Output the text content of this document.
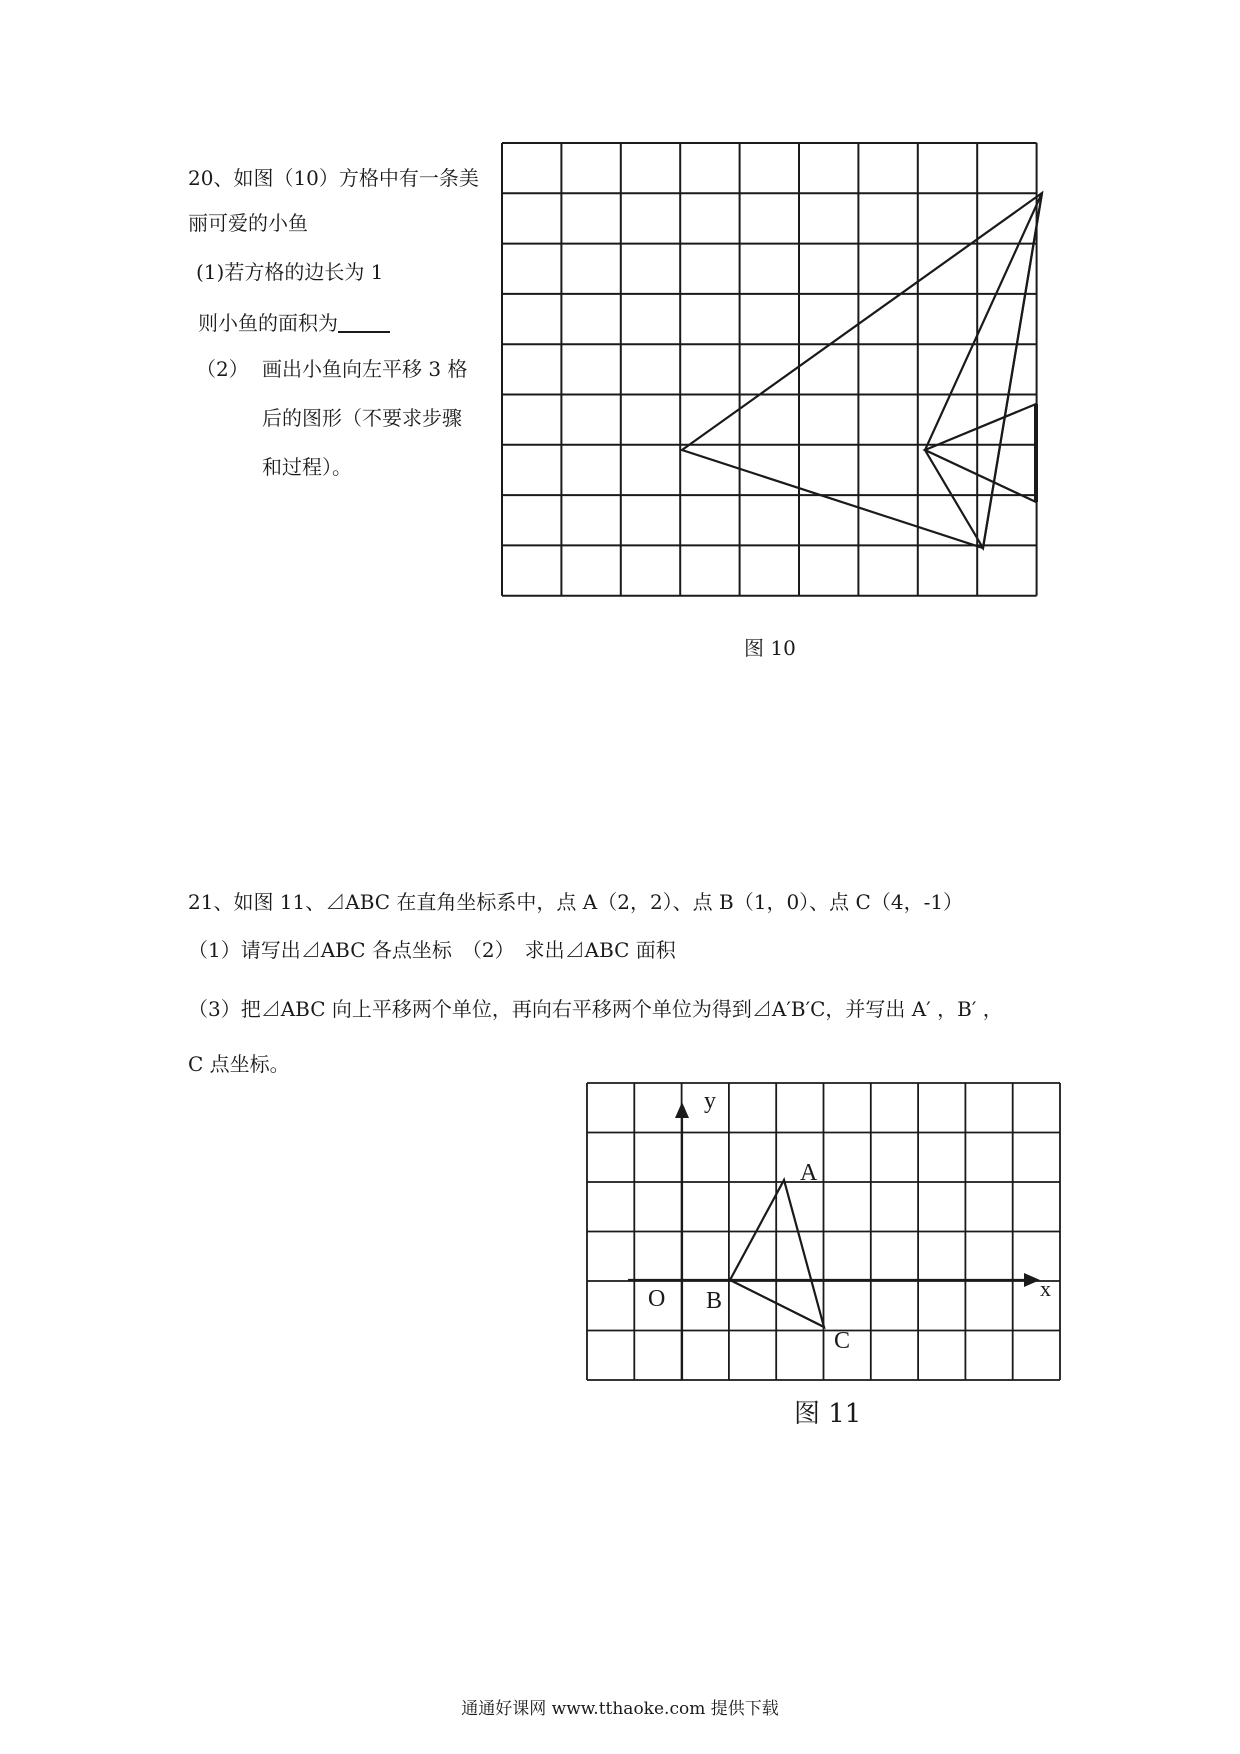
20、如图（10）方格中有一条美
丽可爱的小鱼
(1)若方格的边长为 1
则小鱼的面积为
（2） 画出小鱼向左平移 3 格
后的图形（不要求步骤
和过程）。
图 10
21、如图 11、⊿ABC 在直角坐标系中，点 A（2，2）、点 B（1，0）、点 C（4，-1）
（1）请写出⊿ABC 各点坐标　（2）　求出⊿ABC 面积
（3）把⊿ABC 向上平移两个单位，再向右平移两个单位为得到⊿A′B′C，并写出 A′ ，B′ ，
C 点坐标。
y
x
O B
A
C
图 11
通通好课网 www.tthaoke.com 提供下载
